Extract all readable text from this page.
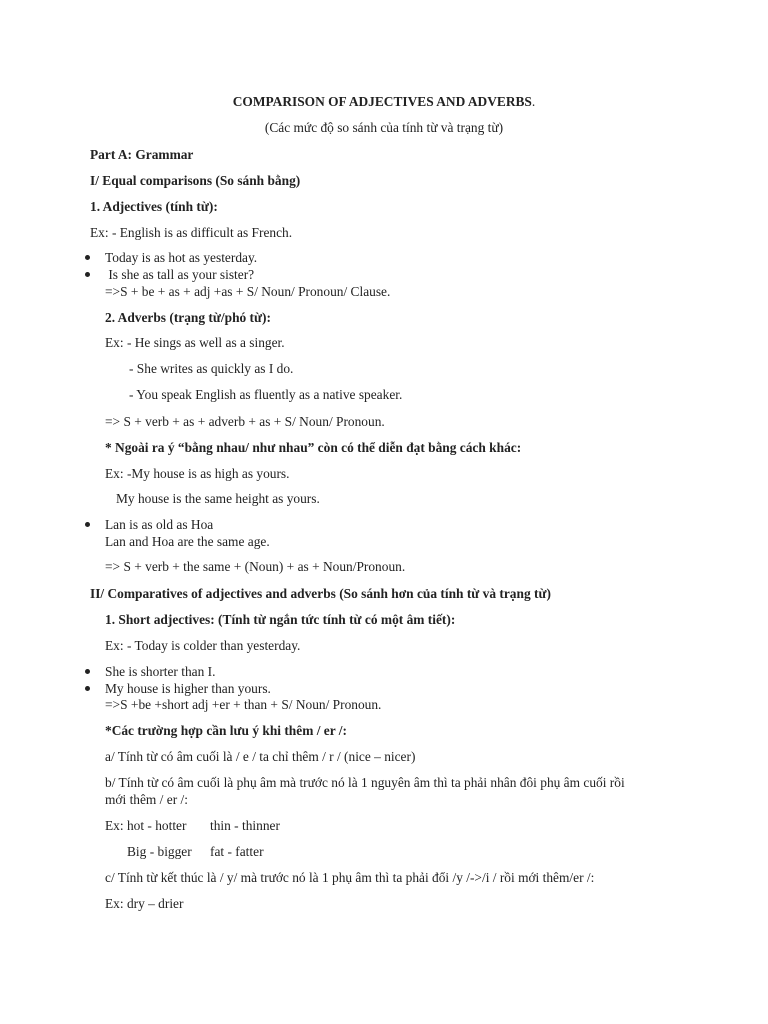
COMPARISON OF ADJECTIVES AND ADVERBS.
(Các mức độ so sánh của tính từ và trạng từ)
Part A: Grammar
I/ Equal comparisons (So sánh bằng)
1. Adjectives (tính từ):
Ex: - English is as difficult as French.
Today is as hot as yesterday.
Is she as tall as your sister?
=>S + be + as + adj +as + S/ Noun/ Pronoun/ Clause.
2. Adverbs (trạng từ/phó từ):
Ex: - He sings as well as a singer.
- She writes as quickly as I do.
- You speak English as fluently as a native speaker.
=> S + verb + as + adverb + as + S/ Noun/ Pronoun.
* Ngoài ra ý “bằng nhau/ như nhau” còn có thể diễn đạt bằng cách khác:
Ex: -My house is as high as yours.
My house is the same height as yours.
Lan is as old as Hoa
Lan and Hoa are the same age.
=> S + verb + the same + (Noun) + as + Noun/Pronoun.
II/ Comparatives of adjectives and adverbs (So sánh hơn của tính từ và trạng từ)
1. Short adjectives: (Tính từ ngắn tức tính từ có một âm tiết):
Ex: - Today is colder than yesterday.
She is shorter than I.
My house is higher than yours.
=>S +be +short adj +er + than + S/ Noun/ Pronoun.
*Các trường hợp cần lưu ý khi thêm / er /:
a/ Tính từ có âm cuối là / e / ta chỉ thêm / r / (nice – nicer)
b/ Tính từ có âm cuối là phụ âm mà trước nó là 1 nguyên âm thì ta phải nhân đôi phụ âm cuối rồi
mới thêm / er /:
Ex: hot - hotter thin - thinner
Big - bigger fat - fatter
c/ Tính từ kết thúc là / y/ mà trước nó là 1 phụ âm thì ta phải đổi /y /->/i / rồi mới thêm/er /:
Ex: dry – drier
